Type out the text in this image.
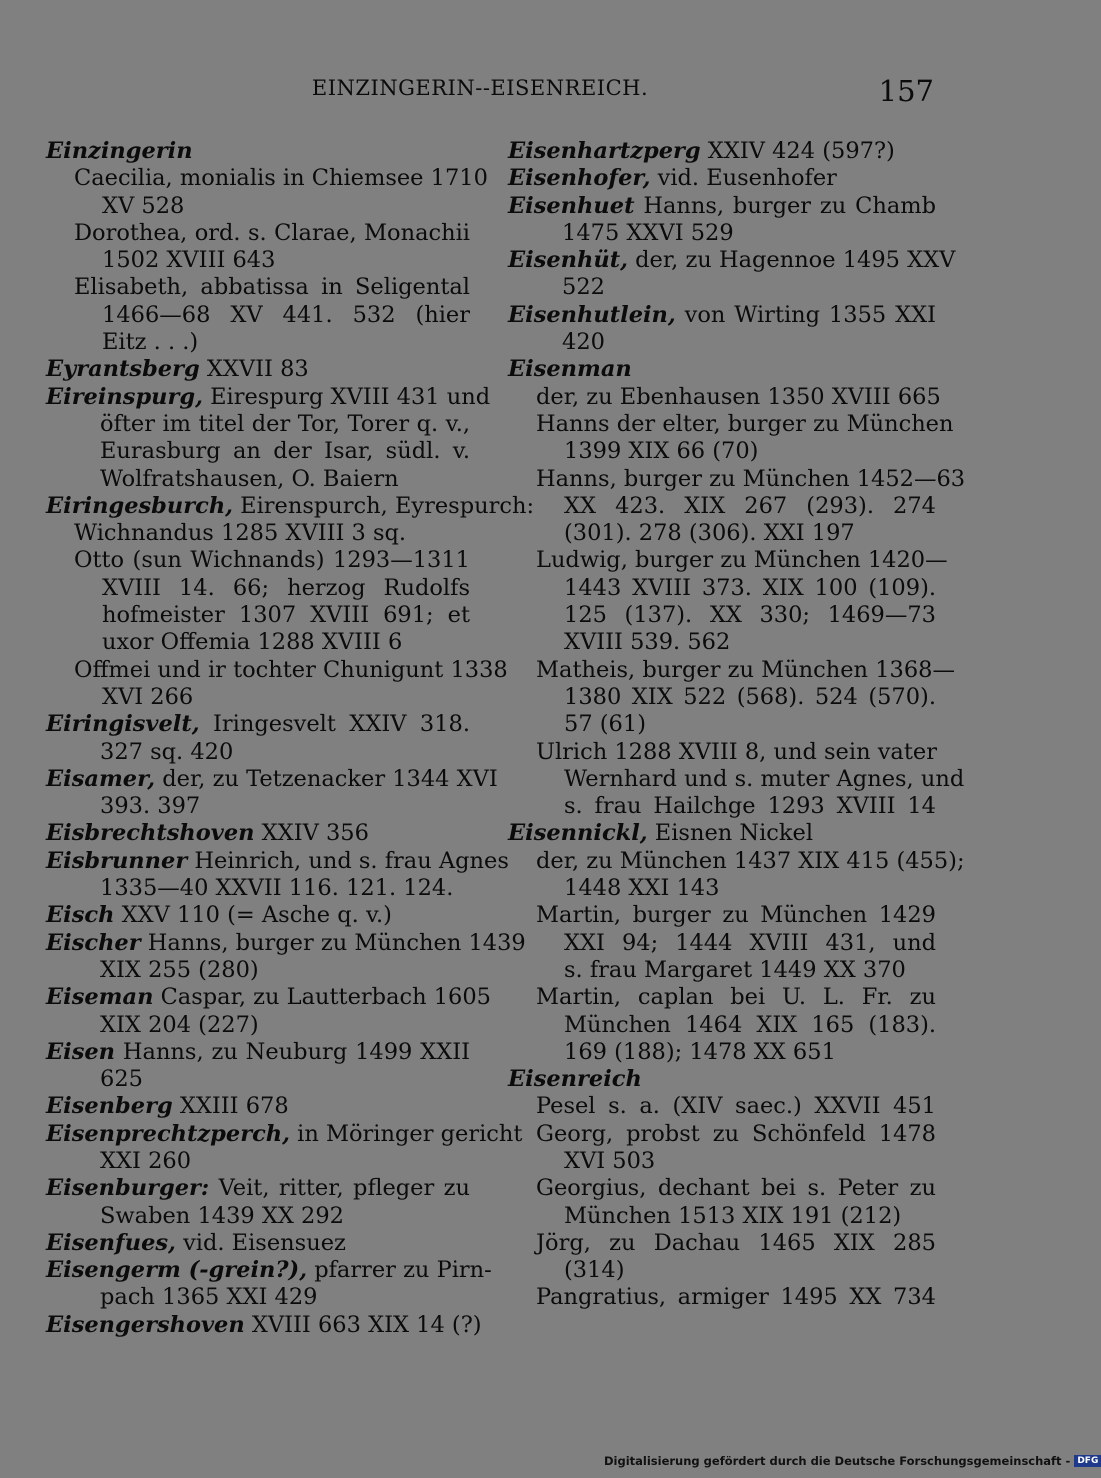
EINZINGERIN--EISENREICH.	157
Einzingerin
Caecilia, monialis in Chiemsee 1710
XV 528
Dorothea, ord. s. Clarae, Monachii
1502 XVIII 643
Elisabeth, abbatissa in Seligental
1466—68 XV 441. 532 (hier
Eitz . . .)
Eyrantsberg XXVII 83
Eireinspurg, Eirespurg XVIII 431 und
öfter im titel der Tor, Torer q. v.,
Eurasburg an der Isar, südl. v.
Wolfratshausen, O. Baiern
Eiringesburch, Eirenspurch, Eyrespurch:
Wichnandus 1285 XVIII 3 sq.
Otto (sun Wichnands) 1293—1311
XVIII 14. 66; herzog Rudolfs
hofmeister 1307 XVIII 691; et
uxor Offemia 1288 XVIII 6
Offmei und ir tochter Chunigunt 1338
XVI 266
Eiringisvelt, Iringesvelt XXIV 318.
327 sq. 420
Eisamer, der, zu Tetzenacker 1344 XVI
393. 397
Eisbrechtshoven XXIV 356
Eisbrunner Heinrich, und s. frau Agnes
1335—40 XXVII 116. 121. 124.
Eisch XXV 110 (= Asche q. v.)
Eischer Hanns, burger zu München 1439
XIX 255 (280)
Eiseman Caspar, zu Lautterbach 1605
XIX 204 (227)
Eisen Hanns, zu Neuburg 1499 XXII
625
Eisenberg XXIII 678
Eisenprechtzperch, in Möringer gericht
XXI 260
Eisenburger: Veit, ritter, pfleger zu
Swaben 1439 XX 292
Eisenfues, vid. Eisensuez
Eisengerm (-grein?), pfarrer zu Pirn-
pach 1365 XXI 429
Eisengershoven XVIII 663 XIX 14 (?)
Eisenhartzperg XXIV 424 (597?)
Eisenhofer, vid. Eusenhofer
Eisenhuet Hanns, burger zu Chamb
1475 XXVI 529
Eisenhüt, der, zu Hagennoe 1495 XXV
522
Eisenhutlein, von Wirting 1355 XXI
420
Eisenman
der, zu Ebenhausen 1350 XVIII 665
Hanns der elter, burger zu München
1399 XIX 66 (70)
Hanns, burger zu München 1452—63
XX 423. XIX 267 (293). 274
(301). 278 (306). XXI 197
Ludwig, burger zu München 1420—
1443 XVIII 373. XIX 100 (109).
125 (137). XX 330; 1469—73
XVIII 539. 562
Matheis, burger zu München 1368—
1380 XIX 522 (568). 524 (570).
57 (61)
Ulrich 1288 XVIII 8, und sein vater
Wernhard und s. muter Agnes, und
s. frau Hailchge 1293 XVIII 14
Eisennickl, Eisnen Nickel
der, zu München 1437 XIX 415 (455);
1448 XXI 143
Martin, burger zu München 1429
XXI 94; 1444 XVIII 431, und
s. frau Margaret 1449 XX 370
Martin, caplan bei U. L. Fr. zu
München 1464 XIX 165 (183).
169 (188); 1478 XX 651
Eisenreich
Pesel s. a. (XIV saec.) XXVII 451
Georg, probst zu Schönfeld 1478
XVI 503
Georgius, dechant bei s. Peter zu
München 1513 XIX 191 (212)
Jörg, zu Dachau 1465 XIX 285
(314)
Pangratius, armiger 1495 XX 734
Digitalisierung gefördert durch die Deutsche Forschungsgemeinschaft - DFG
